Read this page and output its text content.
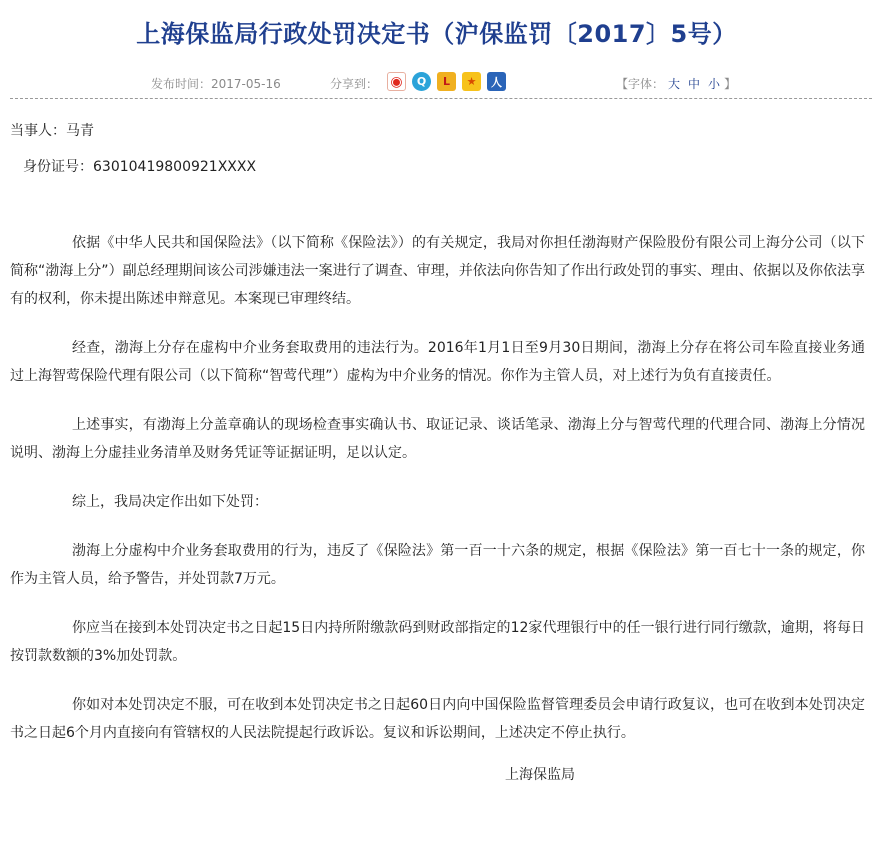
上海保监局行政处罚决定书（沪保监罚〔2017〕5号）
发布时间：2017-05-16	分享到： ◉	Q	L	★	人	【字体： 大 中 小 】

当事人：马青

身份证号：63010419800921XXXX

依据《中华人民共和国保险法》（以下简称《保险法》）的有关规定，我局对你担任渤海财产保险股份有限公司上海分公司（以下简称“渤海上分”）副总经理期间该公司涉嫌违法一案进行了调查、审理，并依法向你告知了作出行政处罚的事实、理由、依据以及你依法享有的权利，你未提出陈述申辩意见。本案现已审理终结。

经查，渤海上分存在虚构中介业务套取费用的违法行为。2016年1月1日至9月30日期间，渤海上分存在将公司车险直接业务通过上海智莺保险代理有限公司（以下简称“智莺代理”）虚构为中介业务的情况。你作为主管人员，对上述行为负有直接责任。

上述事实，有渤海上分盖章确认的现场检查事实确认书、取证记录、谈话笔录、渤海上分与智莺代理的代理合同、渤海上分情况说明、渤海上分虚挂业务清单及财务凭证等证据证明，足以认定。

综上，我局决定作出如下处罚：

渤海上分虚构中介业务套取费用的行为，违反了《保险法》第一百一十六条的规定，根据《保险法》第一百七十一条的规定，你作为主管人员，给予警告，并处罚款7万元。

你应当在接到本处罚决定书之日起15日内持所附缴款码到财政部指定的12家代理银行中的任一银行进行同行缴款，逾期，将每日按罚款数额的3%加处罚款。

你如对本处罚决定不服，可在收到本处罚决定书之日起60日内向中国保险监督管理委员会申请行政复议，也可在收到本处罚决定书之日起6个月内直接向有管辖权的人民法院提起行政诉讼。复议和诉讼期间，上述决定不停止执行。

上海保监局
